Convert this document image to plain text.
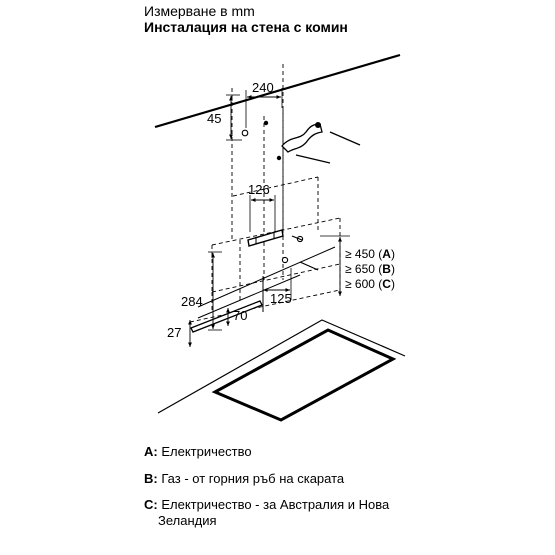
Измерване в mm
Инсталация на стена с комин
240
45
126
284
27
70
125
≥ 450 (A)
≥ 650 (B)
≥ 600 (C)
A: Електричество
B: Газ - от горния ръб на скарата
C: Електричество - за Австралия и Нова
Зеландия
